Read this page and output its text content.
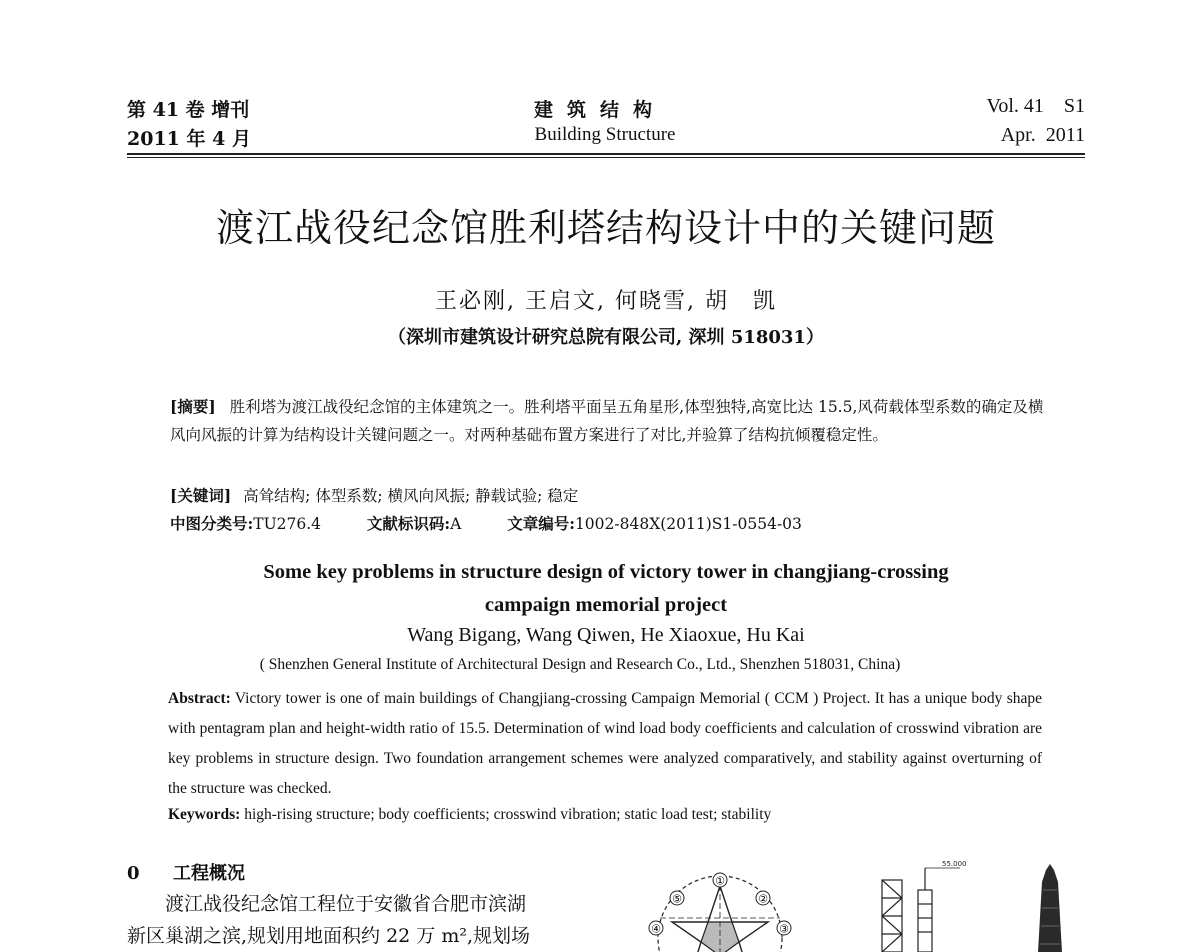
第 41 卷 增刊
2011 年 4 月
建筑结构
Building Structure
Vol. 41    S1
Apr.  2011
渡江战役纪念馆胜利塔结构设计中的关键问题
王必刚, 王启文, 何晓雪, 胡　凯
（深圳市建筑设计研究总院有限公司, 深圳 518031）
[摘要] 胜利塔为渡江战役纪念馆的主体建筑之一。胜利塔平面呈五角星形,体型独特,高宽比达 15.5,风荷载体型系数的确定及横风向风振的计算为结构设计关键问题之一。对两种基础布置方案进行了对比,并验算了结构抗倾覆稳定性。
[关键词] 高耸结构; 体型系数; 横风向风振; 静载试验; 稳定
中图分类号:TU276.4	文献标识码:A	文章编号:1002-848X(2011)S1-0554-03
Some key problems in structure design of victory tower in changjiang-crossing
campaign memorial project
Wang Bigang, Wang Qiwen, He Xiaoxue, Hu Kai
( Shenzhen General Institute of Architectural Design and Research Co., Ltd., Shenzhen 518031, China)
Abstract: Victory tower is one of main buildings of Changjiang-crossing Campaign Memorial ( CCM ) Project. It has a unique body shape with pentagram plan and height-width ratio of 15.5. Determination of wind load body coefficients and calculation of crosswind vibration are key problems in structure design. Two foundation arrangement schemes were analyzed comparatively, and stability against overturning of the structure was checked.
Keywords: high-rising structure; body coefficients; crosswind vibration; static load test; stability
0 工程概况
渡江战役纪念馆工程位于安徽省合肥市滨湖
新区巢湖之滨,规划用地面积约 22 万 m²,规划场
①
⑤	②
④	③
55.000
